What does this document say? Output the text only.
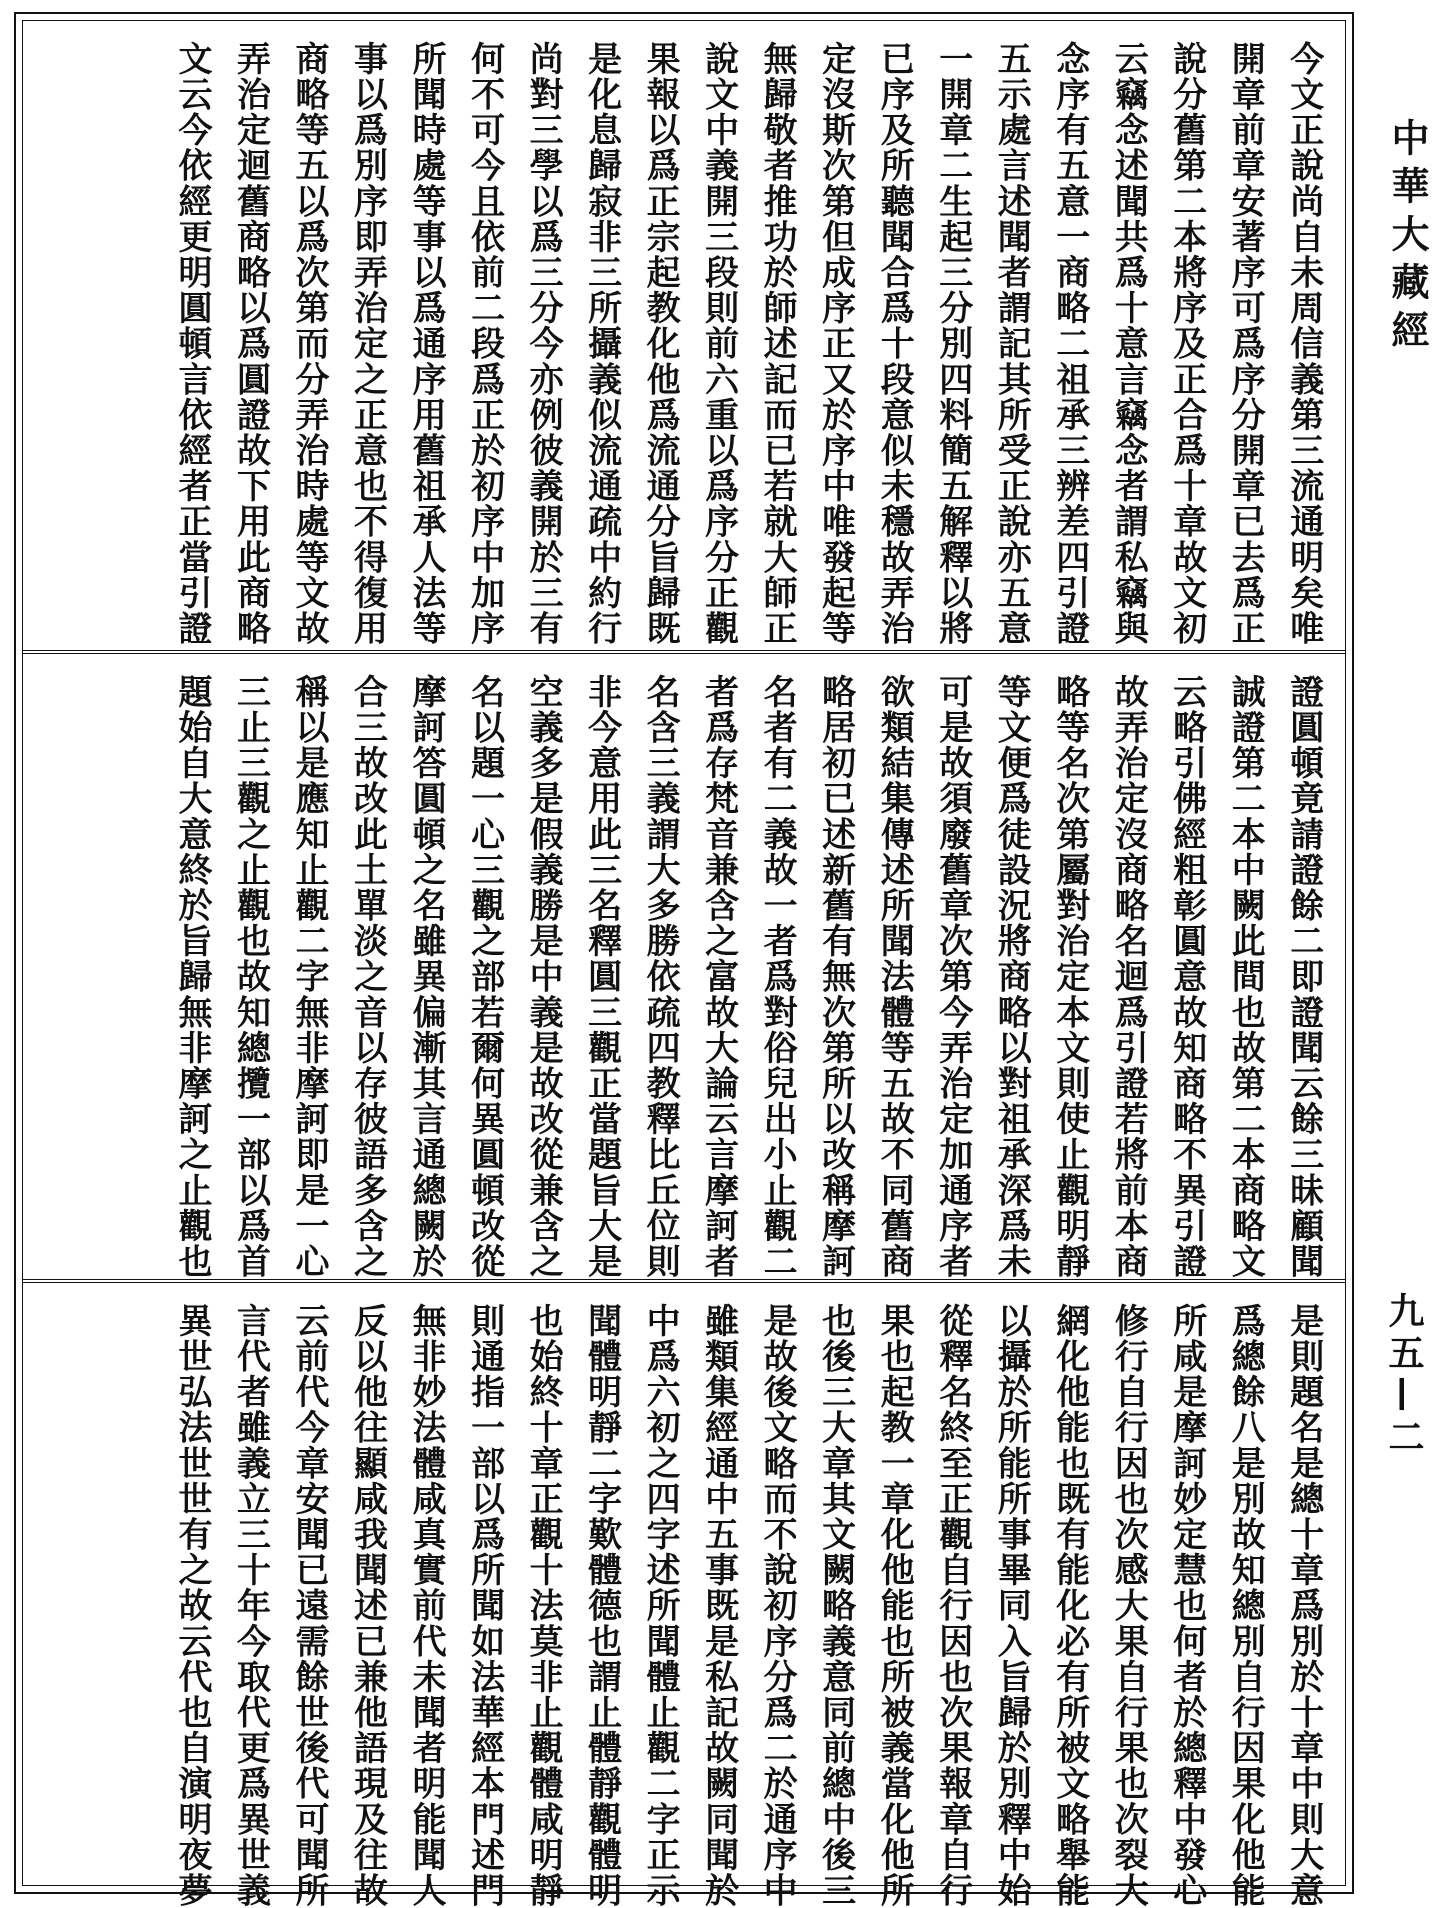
今文正說尚自未周信義第三流通明矣唯
開章前章安著序可爲序分開章已去爲正
說分舊第二本將序及正合爲十章故文初
云竊念述聞共爲十意言竊念者謂私竊與
念序有五意一商略二祖承三辨差四引證
五示處言述聞者謂記其所受正說亦五意
一開章二生起三分別四料簡五解釋以將
已序及所聽聞合爲十段意似未穩故弄治
定沒斯次第但成序正又於序中唯發起等
無歸敬者推功於師述記而已若就大師正
說文中義開三段則前六重以爲序分正觀
果報以爲正宗起教化他爲流通分旨歸既
是化息歸寂非三所攝義似流通疏中約行
尚對三學以爲三分今亦例彼義開於三有
何不可今且依前二段爲正於初序中加序
所聞時處等事以爲通序用舊祖承人法等
事以爲別序即弄治定之正意也不得復用
商略等五以爲次第而分弄治時處等文故
弄治定迴舊商略以爲圓證故下用此商略
文云今依經更明圓頓言依經者正當引證
證圓頓竟請證餘二即證聞云餘三昧顧聞
誠證第二本中闕此間也故第二本商略文
云略引佛經粗彰圓意故知商略不異引證
故弄治定沒商略名迴爲引證若將前本商
略等名次第屬對治定本文則使止觀明靜
等文便爲徒設況將商略以對祖承深爲未
可是故須廢舊章次第今弄治定加通序者
欲類結集傳述所聞法體等五故不同舊商
略居初已述新舊有無次第所以改稱摩訶
名者有二義故一者爲對俗兒出小止觀二
者爲存梵音兼含之富故大論云言摩訶者
名含三義謂大多勝依疏四教釋比丘位則
非今意用此三名釋圓三觀正當題旨大是
空義多是假義勝是中義是故改從兼含之
名以題一心三觀之部若爾何異圓頓改從
摩訶答圓頓之名雖異偏漸其言通總闕於
合三故改此土單淡之音以存彼語多含之
稱以是應知止觀二字無非摩訶即是一心
三止三觀之止觀也故知總攬一部以爲首
題始自大意終於旨歸無非摩訶之止觀也
是則題名是總十章爲別於十章中則大意
爲總餘八是別故知總別自行因果化他能
所咸是摩訶妙定慧也何者於總釋中發心
修行自行因也次感大果自行果也次裂大
網化他能也既有能化必有所被文略舉能
以攝於所能所事畢同入旨歸於別釋中始
從釋名終至正觀自行因也次果報章自行
果也起教一章化他能也所被義當化他所
也後三大章其文闕略義意同前總中後三
是故後文略而不說初序分爲二於通序中
雖類集經通中五事既是私記故闕同聞於
中爲六初之四字述所聞體止觀二字正示
聞體明靜二字歎體德也謂止體靜觀體明
也始終十章正觀十法莫非止觀體咸明靜
則通指一部以爲所聞如法華經本門述門
無非妙法體咸真實前代未聞者明能聞人
反以他往顯咸我聞述已兼他語現及往故
云前代今章安聞已遠需餘世後代可聞所
言代者雖義立三十年今取代更爲異世義
異世弘法世世有之故云代也自演明夜夢
中華大藏經
九五—二
